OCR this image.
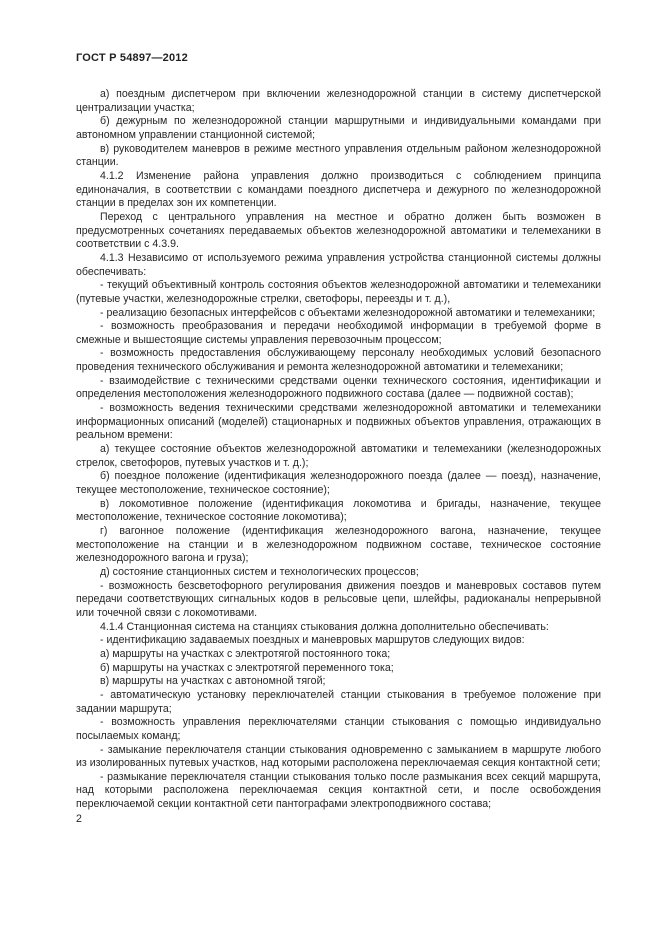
ГОСТ Р 54897—2012

а) поездным диспетчером при включении железнодорожной станции в систему диспетчерской централизации участка;

б) дежурным по железнодорожной станции маршрутными и индивидуальными командами при автономном управлении станционной системой;

в) руководителем маневров в режиме местного управления отдельным районом железнодорожной станции.

4.1.2 Изменение района управления должно производиться с соблюдением принципа единоначалия, в соответствии с командами поездного диспетчера и дежурного по железнодорожной станции в пределах зон их компетенции.

Переход с центрального управления на местное и обратно должен быть возможен в предусмотренных сочетаниях передаваемых объектов железнодорожной автоматики и телемеханики в соответствии с 4.3.9.

4.1.3 Независимо от используемого режима управления устройства станционной системы должны обеспечивать:

- текущий объективный контроль состояния объектов железнодорожной автоматики и телемеханики (путевые участки, железнодорожные стрелки, светофоры, переезды и т. д.),

- реализацию безопасных интерфейсов с объектами железнодорожной автоматики и телемеханики;

- возможность преобразования и передачи необходимой информации в требуемой форме в смежные и вышестоящие системы управления перевозочным процессом;

- возможность предоставления обслуживающему персоналу необходимых условий безопасного проведения технического обслуживания и ремонта железнодорожной автоматики и телемеханики;

- взаимодействие с техническими средствами оценки технического состояния, идентификации и определения местоположения железнодорожного подвижного состава (далее — подвижной состав);

- возможность ведения техническими средствами железнодорожной автоматики и телемеханики информационных описаний (моделей) стационарных и подвижных объектов управления, отражающих в реальном времени:

а) текущее состояние объектов железнодорожной автоматики и телемеханики (железнодорожных стрелок, светофоров, путевых участков и т. д.);

б) поездное положение (идентификация железнодорожного поезда (далее — поезд), назначение, текущее местоположение, техническое состояние);

в) локомотивное положение (идентификация локомотива и бригады, назначение, текущее местоположение, техническое состояние локомотива);

г) вагонное положение (идентификация железнодорожного вагона, назначение, текущее местоположение на станции и в железнодорожном подвижном составе, техническое состояние железнодорожного вагона и груза);

д) состояние станционных систем и технологических процессов;

- возможность безсветофорного регулирования движения поездов и маневровых составов путем передачи соответствующих сигнальных кодов в рельсовые цепи, шлейфы, радиоканалы непрерывной или точечной связи с локомотивами.

4.1.4 Станционная система на станциях стыкования должна дополнительно обеспечивать:

- идентификацию задаваемых поездных и маневровых маршрутов следующих видов:

а) маршруты на участках с электротягой постоянного тока;

б) маршруты на участках с электротягой переменного тока;

в) маршруты на участках с автономной тягой;

- автоматическую установку переключателей станции стыкования в требуемое положение при задании маршрута;

- возможность управления переключателями станции стыкования с помощью индивидуально посылаемых команд;

- замыкание переключателя станции стыкования одновременно с замыканием в маршруте любого из изолированных путевых участков, над которыми расположена переключаемая секция контактной сети;

- размыкание переключателя станции стыкования только после размыкания всех секций маршрута, над которыми расположена переключаемая секция контактной сети, и после освобождения переключаемой секции контактной сети пантографами электроподвижного состава;

2
